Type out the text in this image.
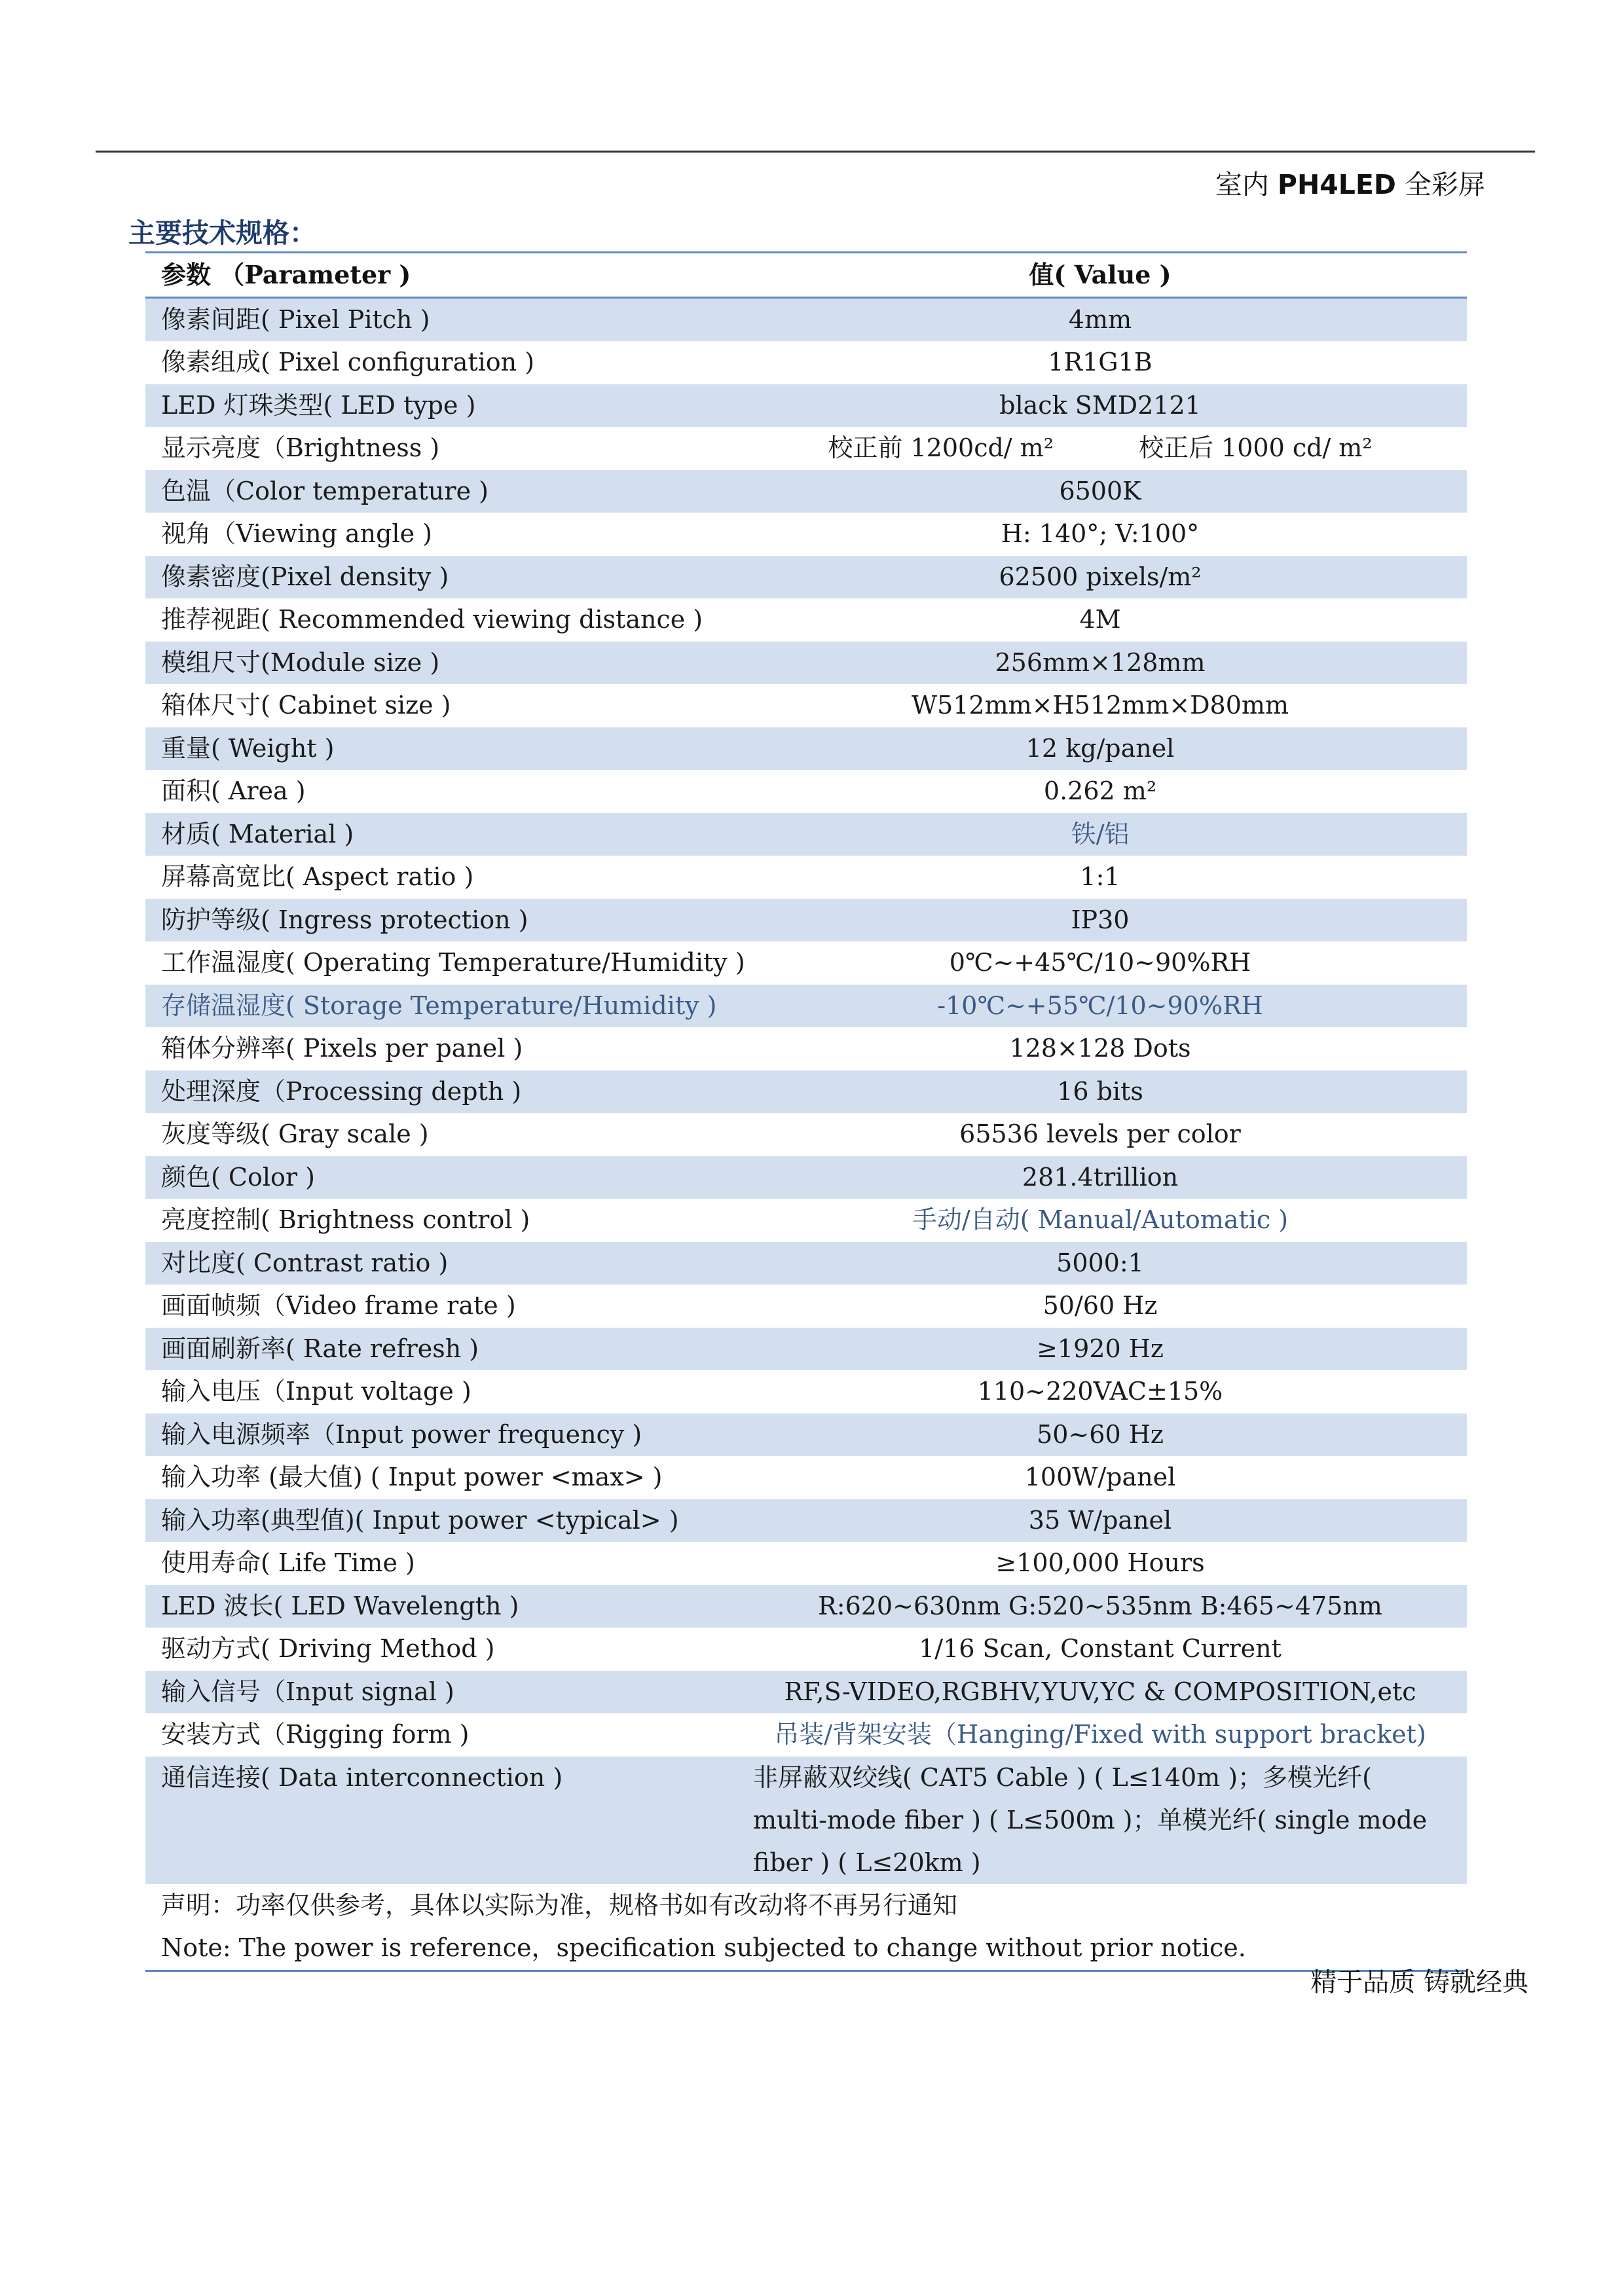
室内 PH4LED 全彩屏
主要技术规格：
参数 （Parameter )	值( Value )
像素间距( Pixel Pitch )	4mm
像素组成( Pixel configuration )	1R1G1B
LED 灯珠类型( LED type )	black SMD2121
显示亮度（Brightness )	校正前 1200cd/ m² 校正后 1000 cd/ m²
色温（Color temperature )	6500K
视角（Viewing angle )	H: 140°; V:100°
像素密度(Pixel density )	62500 pixels/m²
推荐视距( Recommended viewing distance )	4M
模组尺寸(Module size )	256mm×128mm
箱体尺寸( Cabinet size )	W512mm×H512mm×D80mm
重量( Weight )	12 kg/panel
面积( Area )	0.262 m²
材质( Material )	铁/铝
屏幕高宽比( Aspect ratio )	1:1
防护等级( Ingress protection )	IP30
工作温湿度( Operating Temperature/Humidity )	0℃~+45℃/10~90%RH
存储温湿度( Storage Temperature/Humidity )	-10℃~+55℃/10~90%RH
箱体分辨率( Pixels per panel )	128×128 Dots
处理深度（Processing depth )	16 bits
灰度等级( Gray scale )	65536 levels per color
颜色( Color )	281.4trillion
亮度控制( Brightness control )	手动/自动( Manual/Automatic )
对比度( Contrast ratio )	5000:1
画面帧频（Video frame rate )	50/60 Hz
画面刷新率( Rate refresh )	≥1920 Hz
输入电压（Input voltage )	110~220VAC±15%
输入电源频率（Input power frequency )	50~60 Hz
输入功率 (最大值) ( Input power <max> )	100W/panel
输入功率(典型值)( Input power <typical> )	35 W/panel
使用寿命( Life Time )	≥100,000 Hours
LED 波长( LED Wavelength )	R:620~630nm G:520~535nm B:465~475nm
驱动方式( Driving Method )	1/16 Scan, Constant Current
输入信号（Input signal )	RF,S-VIDEO,RGBHV,YUV,YC & COMPOSITION,etc
安装方式（Rigging form )	吊装/背架安装（Hanging/Fixed with support bracket)
通信连接( Data interconnection )	非屏蔽双绞线( CAT5 Cable ) ( L≤140m )；多模光纤( multi-mode fiber ) ( L≤500m )；单模光纤( single mode fiber ) ( L≤20km )
声明：功率仅供参考，具体以实际为准，规格书如有改动将不再另行通知	
Note: The power is reference，specification subjected to change without prior notice.	
精于品质 铸就经典
